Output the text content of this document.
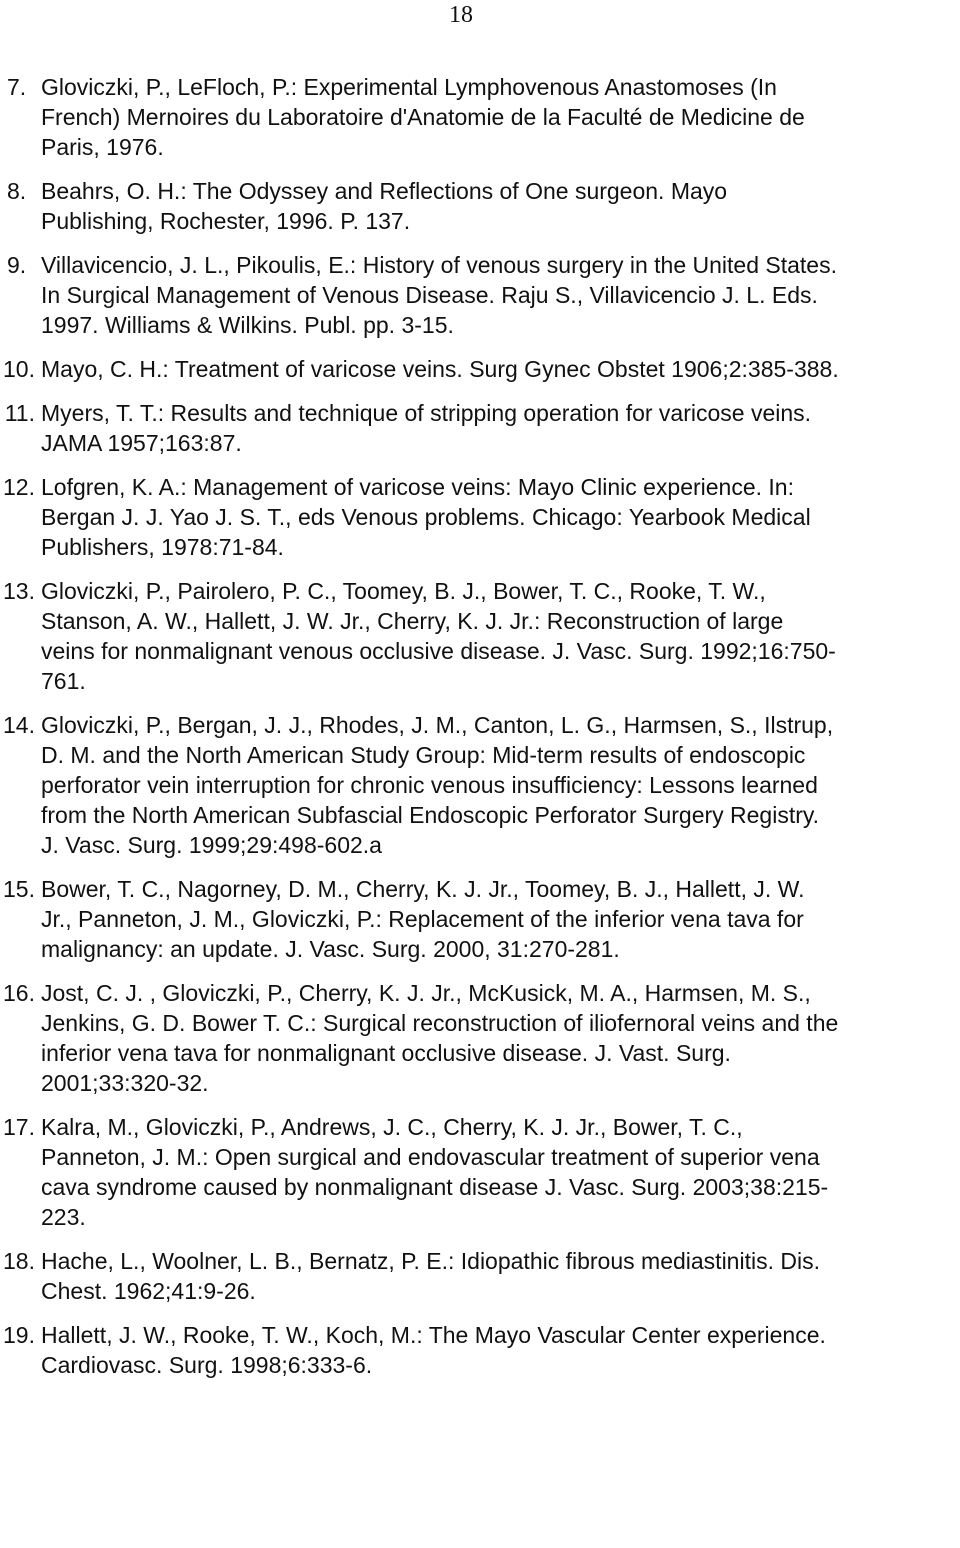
18
7. Gloviczki, P., LeFloch, P.: Experimental Lymphovenous Anastomoses (In
French) Mernoires du Laboratoire d'Anatomie de la Faculté de Medicine de
Paris, 1976.
8. Beahrs, O. H.: The Odyssey and Reflections of One surgeon. Mayo
Publishing, Rochester, 1996. P. 137.
9. Villavicencio, J. L., Pikoulis, E.: History of venous surgery in the United States.
In Surgical Management of Venous Disease. Raju S., Villavicencio J. L. Eds.
1997. Williams & Wilkins. Publ. pp. 3-15.
10. Mayo, C. H.: Treatment of varicose veins. Surg Gynec Obstet 1906;2:385-388.
11. Myers, T. T.: Results and technique of stripping operation for varicose veins.
JAMA 1957;163:87.
12. Lofgren, K. A.: Management of varicose veins: Mayo Clinic experience. In:
Bergan J. J. Yao J. S. T., eds Venous problems. Chicago: Yearbook Medical
Publishers, 1978:71-84.
13. Gloviczki, P., Pairolero, P. C., Toomey, B. J., Bower, T. C., Rooke, T. W.,
Stanson, A. W., Hallett, J. W. Jr., Cherry, K. J. Jr.: Reconstruction of large
veins for nonmalignant venous occlusive disease. J. Vasc. Surg. 1992;16:750-
761.
14. Gloviczki, P., Bergan, J. J., Rhodes, J. M., Canton, L. G., Harmsen, S., Ilstrup,
D. M. and the North American Study Group: Mid-term results of endoscopic
perforator vein interruption for chronic venous insufficiency: Lessons learned
from the North American Subfascial Endoscopic Perforator Surgery Registry.
J. Vasc. Surg. 1999;29:498-602.a
15. Bower, T. C., Nagorney, D. M., Cherry, K. J. Jr., Toomey, B. J., Hallett, J. W.
Jr., Panneton, J. M., Gloviczki, P.: Replacement of the inferior vena tava for
malignancy: an update. J. Vasc. Surg. 2000, 31:270-281.
16. Jost, C. J. , Gloviczki, P., Cherry, K. J. Jr., McKusick, M. A., Harmsen, M. S.,
Jenkins, G. D. Bower T. C.: Surgical reconstruction of iliofernoral veins and the
inferior vena tava for nonmalignant occlusive disease. J. Vast. Surg.
2001;33:320-32.
17. Kalra, M., Gloviczki, P., Andrews, J. C., Cherry, K. J. Jr., Bower, T. C.,
Panneton, J. M.: Open surgical and endovascular treatment of superior vena
cava syndrome caused by nonmalignant disease J. Vasc. Surg. 2003;38:215-
223.
18. Hache, L., Woolner, L. B., Bernatz, P. E.: Idiopathic fibrous mediastinitis. Dis.
Chest. 1962;41:9-26.
19. Hallett, J. W., Rooke, T. W., Koch, M.: The Mayo Vascular Center experience.
Cardiovasc. Surg. 1998;6:333-6.
